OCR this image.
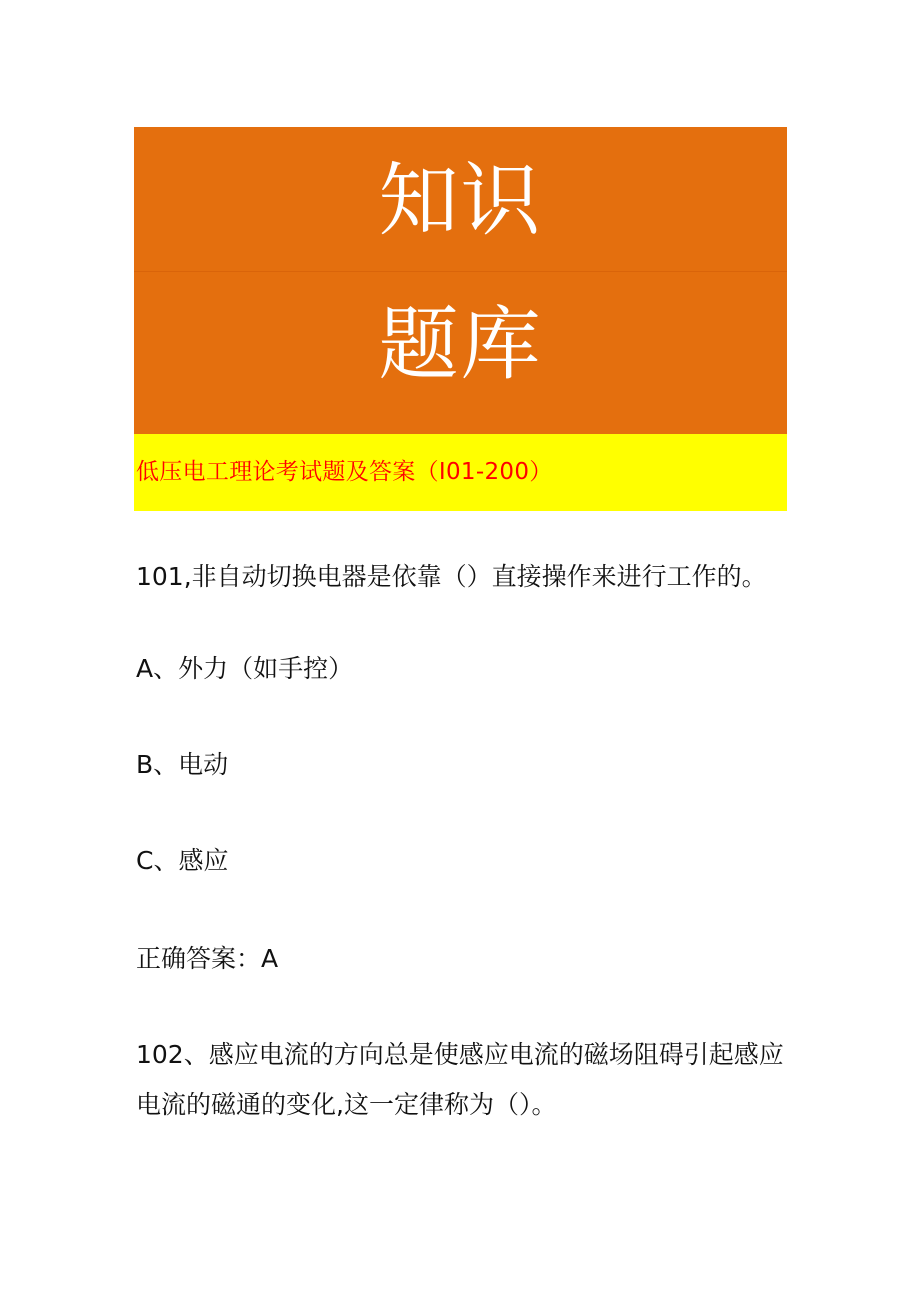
知识
题库
低压电工理论考试题及答案（I01-200）
101,非自动切换电器是依靠（）直接操作来进行工作的。
A、外力（如手控）
B、电动
C、感应
正确答案：A
102、感应电流的方向总是使感应电流的磁场阻碍引起感应
电流的磁通的变化,这一定律称为（）。
